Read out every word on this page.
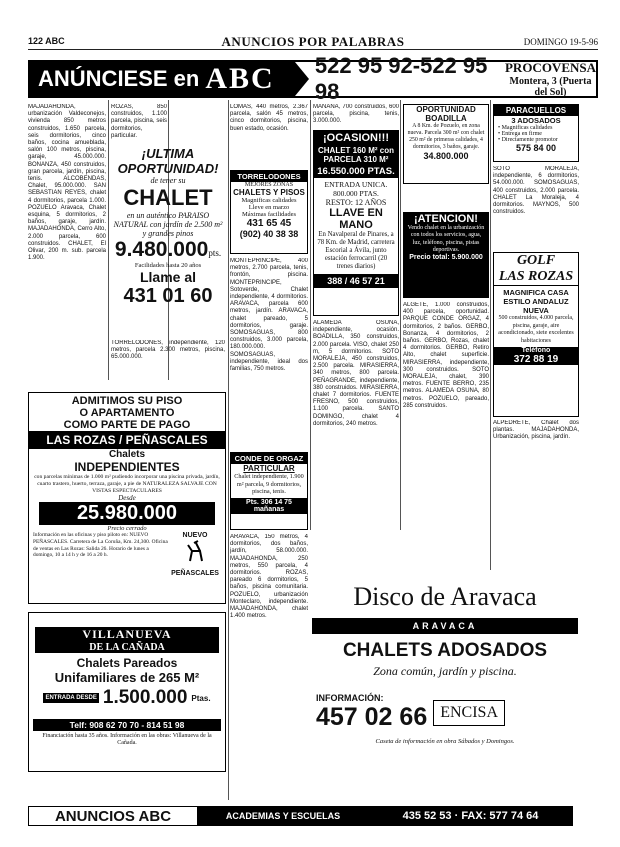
122 ABC	ANUNCIOS POR PALABRAS	DOMINGO 19-5-96
ANÚNCIESE en ABC 522 95 92-522 95 98
PROCOVENSA
Montera, 3 (Puerta del Sol)
MAJADAHONDA, urbanización Valdeconejos, vivienda 850 metros construidos, 1.650 parcela, seis dormitorios, cinco baños, cocina amueblada, salón 100 metros, piscina, garaje, 45.000.000. BONANZA, 450 construidos, gran parcela, jardín, piscina, tenis. ALCOBENDAS, Chalet, 95.000.000. SAN SEBASTIAN REYES, chalet 4 dormitorios, parcela 1.000. POZUELO Aravaca, Chalet esquina, 5 dormitorios, 2 baños, garaje, jardín. MAJADAHONDA, Cerro Alto, 2.000 parcela, 600 construidos. CHALET, El Olivar, 200 m. sub. parcela 1.900.
ROZAS, 850 construidos, 1.100 parcela, piscina, seis dormitorios, particular.
¡ULTIMA OPORTUNIDAD!
de tener su
CHALET
en un auténtico PARAISO NATURAL con jardín de 2.500 m² y grandes pinos
9.480.000pts.
Facilidades hasta 20 años
Llame al
431 01 60
TORRELODONES, independiente, 120 metros, parcela 2.300 metros, piscina, 65.000.000.
LOMAS, 440 metros, 2.367 parcela, salón 45 metros, cinco dormitorios, piscina, buen estado, ocasión.
TORRELODONES
MEJORES ZONAS
CHALETS Y PISOS
Magnificas calidades
Lleve en marzo
Máximas facilidades
431 65 45
(902) 40 38 38
MONTEPRINCIPE, 400 metros, 2.700 parcela, tenis, frontón, piscina. MONTEPRINCIPE, Sotoverde, Chalet independiente, 4 dormitorios. ARAVACA, parcela 600 metros, jardín. ARAVACA, chalet pareado, 5 dormitorios, garaje. SOMOSAGUAS, 800 construidos, 3.000 parcela, 180.000.000. SOMOSAGUAS, independiente, ideal dos familias, 750 metros.
CONDE DE ORGAZ
PARTICULAR
Chalet independiente, 1.900 m² parcela, 9 dormitorios, piscina, tenis.
Pts. 306 14 75 mañanas
ARAVACA, 150 metros, 4 dormitorios, dos baños, jardín, 58.000.000. MAJADAHONDA, 250 metros, 550 parcela, 4 dormitorios. ROZAS, pareado 6 dormitorios, 5 baños, piscina comunitaria. POZUELO, urbanización Monteclaro, independiente. MAJADAHONDA, chalet 1.400 metros.
MAÑANA, 700 construidos, 600 parcela, piscina, tenis, 3.000.000.
¡OCASION!!!
CHALET 160 M² con PARCELA 310 M²
16.550.000 PTAS.
ENTRADA UNICA. 800.000 PTAS.
RESTO: 12 AÑOS
LLAVE EN MANO
En Navalperal de Pinares, a 78 Km. de Madrid, carretera Escorial a Ávila, junto estación ferrocarril (20 trenes diarios)
388 / 46 57 21
ALAMEDA OSUNA, independiente, ocasión. BOADILLA, 350 construidos, 2.000 parcela. VISO, chalet 250 m, 5 dormitorios. SOTO MORALEJA, 450 construidos, 2.500 parcela. MIRASIERRA, 340 metros, 800 parcela. PEÑAGRANDE, independiente, 380 construidos. MIRASIERRA, chalet 7 dormitorios. FUENTE FRESNO, 500 construidos, 1.100 parcela. SANTO DOMINGO, chalet 4 dormitorios, 240 metros.
OPORTUNIDAD BOADILLA
A 8 Km. de Pozuelo, en zona nueva. Parcela 300 m² con chalet 250 m² de primeras calidades, 4 dormitorios, 3 baños, garaje.
34.800.000
¡ATENCION!
Vendo chalet en la urbanización con todos los servicios, agua, luz, teléfono, piscina, pistas deportivas.
Precio total: 5.900.000
ALGETE, 1.000 construidos, 400 parcela, oportunidad. PARQUE CONDE ORGAZ, 4 dormitorios, 2 baños. GERBO, Bonanza, 4 dormitorios, 2 baños. GERBO, Rozas, chalet 4 dormitorios. GERBO, Retiro Alto, chalet superficie. MIRASIERRA, independiente, 300 construidos. SOTO MORALEJA, chalet, 390 metros. FUENTE BERRO, 235 metros. ALAMEDA OSUNA, 80 metros. POZUELO, pareado, 285 construidos.
PARACUELLOS
3 ADOSADOS
• Magnificas calidades
• Entrega en firme
• Directamente promotor
575 84 00
SOTO MORALEJA, independiente, 6 dormitorios, 54.000.000. SOMOSAGUAS, 400 construidos, 2.000 parcela. CHALET La Moraleja, 4 dormitorios. MAYNOS, 500 construidos.
GOLF
LAS ROZAS
MAGNIFICA CASA
ESTILO ANDALUZ
NUEVA
500 construidos, 4.000 parcela, piscina, garaje, aire acondicionado, siete excelentes habitaciones
Teléfono
372 88 19
ALPEDRETE, Chalet dos plantas. MAJADAHONDA, Urbanización, piscina, jardín.
ADMITIMOS SU PISO
O APARTAMENTO
COMO PARTE DE PAGO
LAS ROZAS / PEÑASCALES
Chalets
INDEPENDIENTES
con parcelas mínimas de 1.000 m² pudiendo incorporar una piscina privada, jardín, cuarto trastero, huerto, terraza, garaje, a pie de NATURALEZA SALVAJE CON VISTAS ESPECTACULARES
Desde
25.980.000
Precio cerrado
Información en las oficinas y piso piloto en: NUEVO PEÑASCALES. Carretera de La Coruña, Km. 24,300. Oficina de ventas en Las Rozas: Salida 26. Horario de lunes a domingo, 10 a 14 h y de 16 a 20 h.
NUEVO
PEÑASCALES
VILLANUEVA
DE LA CAÑADA
Chalets Pareados
Unifamiliares de 265 M²
ENTRADA DESDE 1.500.000 Ptas.
Telf: 908 62 70 70 - 814 51 98
Financiación hasta 35 años. Información en las obras: Villanueva de la Cañada.
Disco de Aravaca
ARAVACA
CHALETS ADOSADOS
Zona común, jardín y piscina.
INFORMACIÓN:
457 02 66 ENCISA
Caseta de información en obra Sábados y Domingos.
ANUNCIOS ABC	ACADEMIAS Y ESCUELAS	435 52 53 · FAX: 577 74 64
